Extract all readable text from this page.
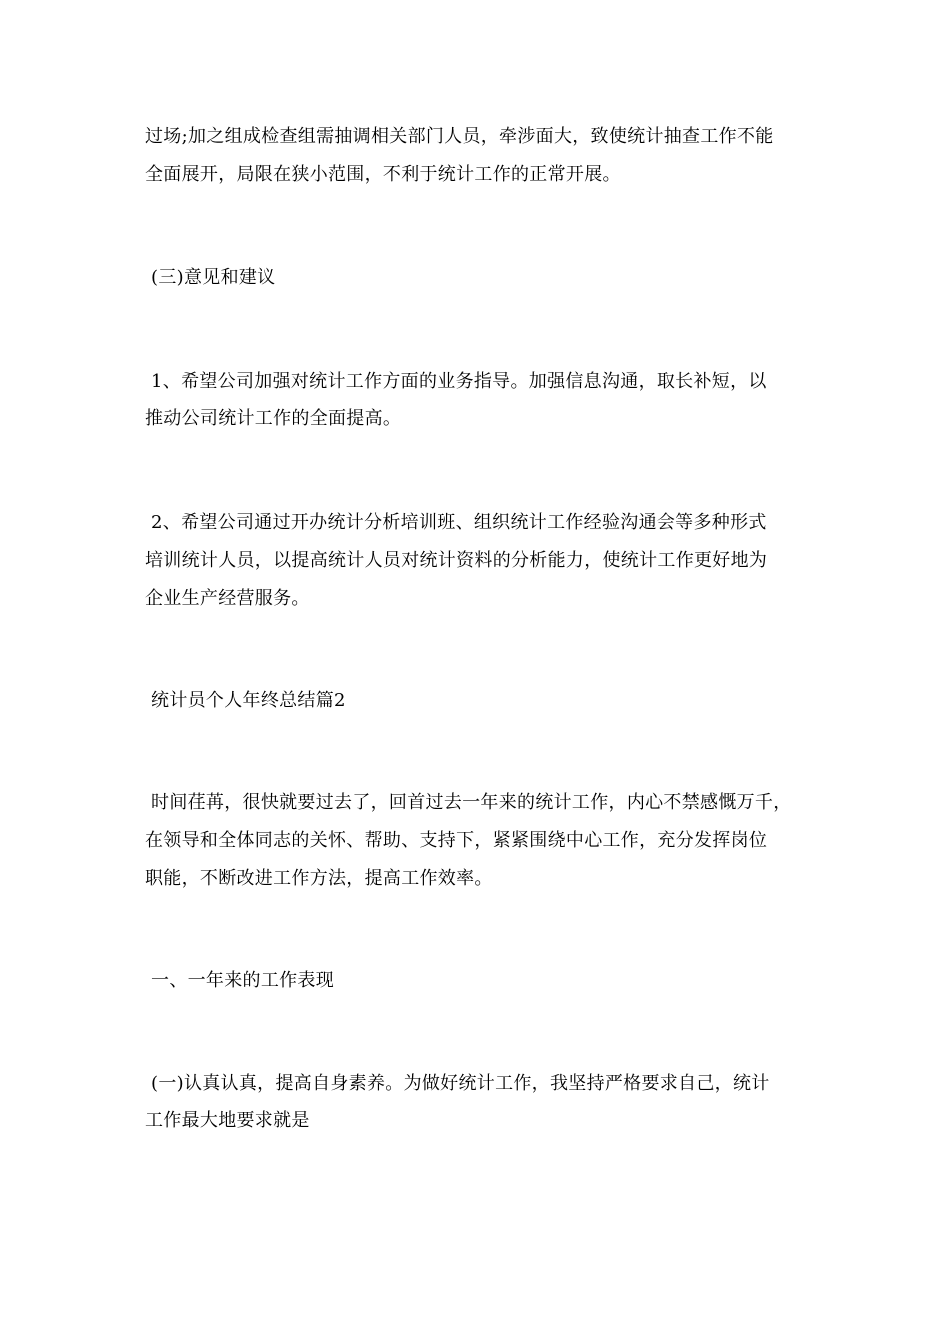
过场;加之组成检查组需抽调相关部门人员，牵涉面大，致使统计抽查工作不能
全面展开，局限在狭小范围，不利于统计工作的正常开展。
(三)意见和建议
1、希望公司加强对统计工作方面的业务指导。加强信息沟通，取长补短，以
推动公司统计工作的全面提高。
2、希望公司通过开办统计分析培训班、组织统计工作经验沟通会等多种形式
培训统计人员，以提高统计人员对统计资料的分析能力，使统计工作更好地为
企业生产经营服务。
统计员个人年终总结篇2
时间荏苒，很快就要过去了，回首过去一年来的统计工作，内心不禁感慨万千，
在领导和全体同志的关怀、帮助、支持下，紧紧围绕中心工作，充分发挥岗位
职能，不断改进工作方法，提高工作效率。
一、一年来的工作表现
(一)认真认真，提高自身素养。为做好统计工作，我坚持严格要求自己，统计
工作最大地要求就是
